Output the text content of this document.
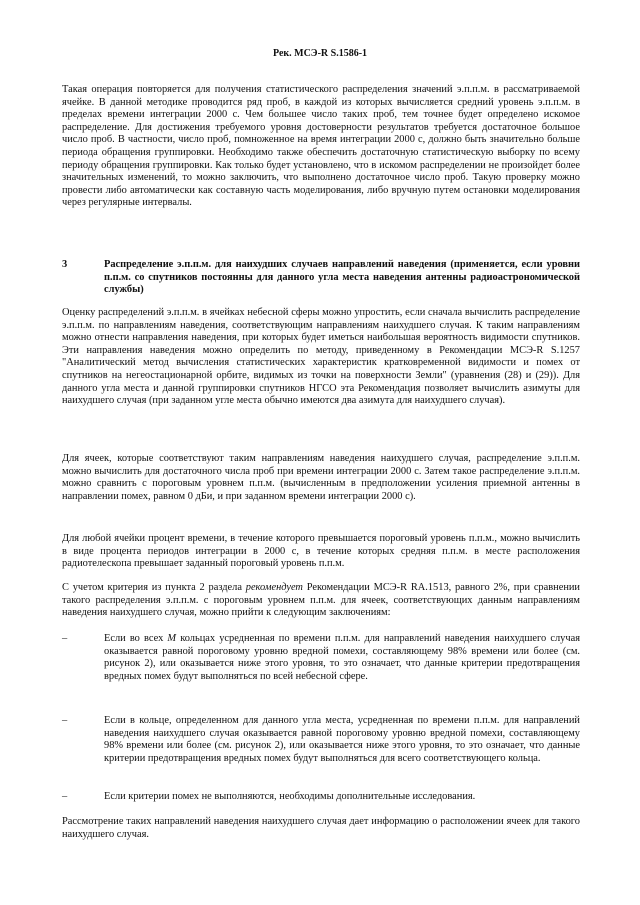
Рек. МСЭ-R S.1586-1
Такая операция повторяется для получения статистического распределения значений э.п.п.м. в рассматриваемой ячейке. В данной методике проводится ряд проб, в каждой из которых вычисляется средний уровень э.п.п.м. в пределах времени интеграции 2000 с. Чем большее число таких проб, тем точнее будет определено искомое распределение. Для достижения требуемого уровня достоверности результатов требуется достаточное большое число проб. В частности, число проб, помноженное на время интеграции 2000 с, должно быть значительно больше периода обращения группировки. Необходимо также обеспечить достаточную статистическую выборку по всему периоду обращения группировки. Как только будет установлено, что в искомом распределении не произойдет более значительных изменений, то можно заключить, что выполнено достаточное число проб. Такую проверку можно провести либо автоматически как составную часть моделирования, либо вручную путем остановки моделирования через регулярные интервалы.
3	Распределение э.п.п.м. для наихудших случаев направлений наведения (применяется, если уровни п.п.м. со спутников постоянны для данного угла места наведения антенны радиоастрономической службы)
Оценку распределений э.п.п.м. в ячейках небесной сферы можно упростить, если сначала вычислить распределение э.п.п.м. по направлениям наведения, соответствующим направлениям наихудшего случая. К таким направлениям можно отнести направления наведения, при которых будет иметься наибольшая вероятность видимости спутников. Эти направления наведения можно определить по методу, приведенному в Рекомендации МСЭ-R S.1257 "Аналитический метод вычисления статистических характеристик кратковременной видимости и помех от спутников на негеостационарной орбите, видимых из точки на поверхности Земли" (уравнения (28) и (29)). Для данного угла места и данной группировки спутников НГСО эта Рекомендация позволяет вычислить азимуты для наихудшего случая (при заданном угле места обычно имеются два азимута для наихудшего случая).
Для ячеек, которые соответствуют таким направлениям наведения наихудшего случая, распределение э.п.п.м. можно вычислить для достаточного числа проб при времени интеграции 2000 с. Затем такое распределение э.п.п.м. можно сравнить с пороговым уровнем п.п.м. (вычисленным в предположении усиления приемной антенны в направлении помех, равном 0 дБи, и при заданном времени интеграции 2000 с).
Для любой ячейки процент времени, в течение которого превышается пороговый уровень п.п.м., можно вычислить в виде процента периодов интеграции в 2000 с, в течение которых средняя п.п.м. в месте расположения радиотелескопа превышает заданный пороговый уровень п.п.м.
С учетом критерия из пункта 2 раздела рекомендует Рекомендации МСЭ-R RA.1513, равного 2%, при сравнении такого распределения э.п.п.м. с пороговым уровнем п.п.м. для ячеек, соответствующих данным направлениям наведения наихудшего случая, можно прийти к следующим заключениям:
–	Если во всех M кольцах усредненная по времени п.п.м. для направлений наведения наихудшего случая оказывается равной пороговому уровню вредной помехи, составляющему 98% времени или более (см. рисунок 2), или оказывается ниже этого уровня, то это означает, что данные критерии предотвращения вредных помех будут выполняться по всей небесной сфере.
–	Если в кольце, определенном для данного угла места, усредненная по времени п.п.м. для направлений наведения наихудшего случая оказывается равной пороговому уровню вредной помехи, составляющему 98% времени или более (см. рисунок 2), или оказывается ниже этого уровня, то это означает, что данные критерии предотвращения вредных помех будут выполняться для всего соответствующего кольца.
–	Если критерии помех не выполняются, необходимы дополнительные исследования.
Рассмотрение таких направлений наведения наихудшего случая дает информацию о расположении ячеек для такого наихудшего случая.
